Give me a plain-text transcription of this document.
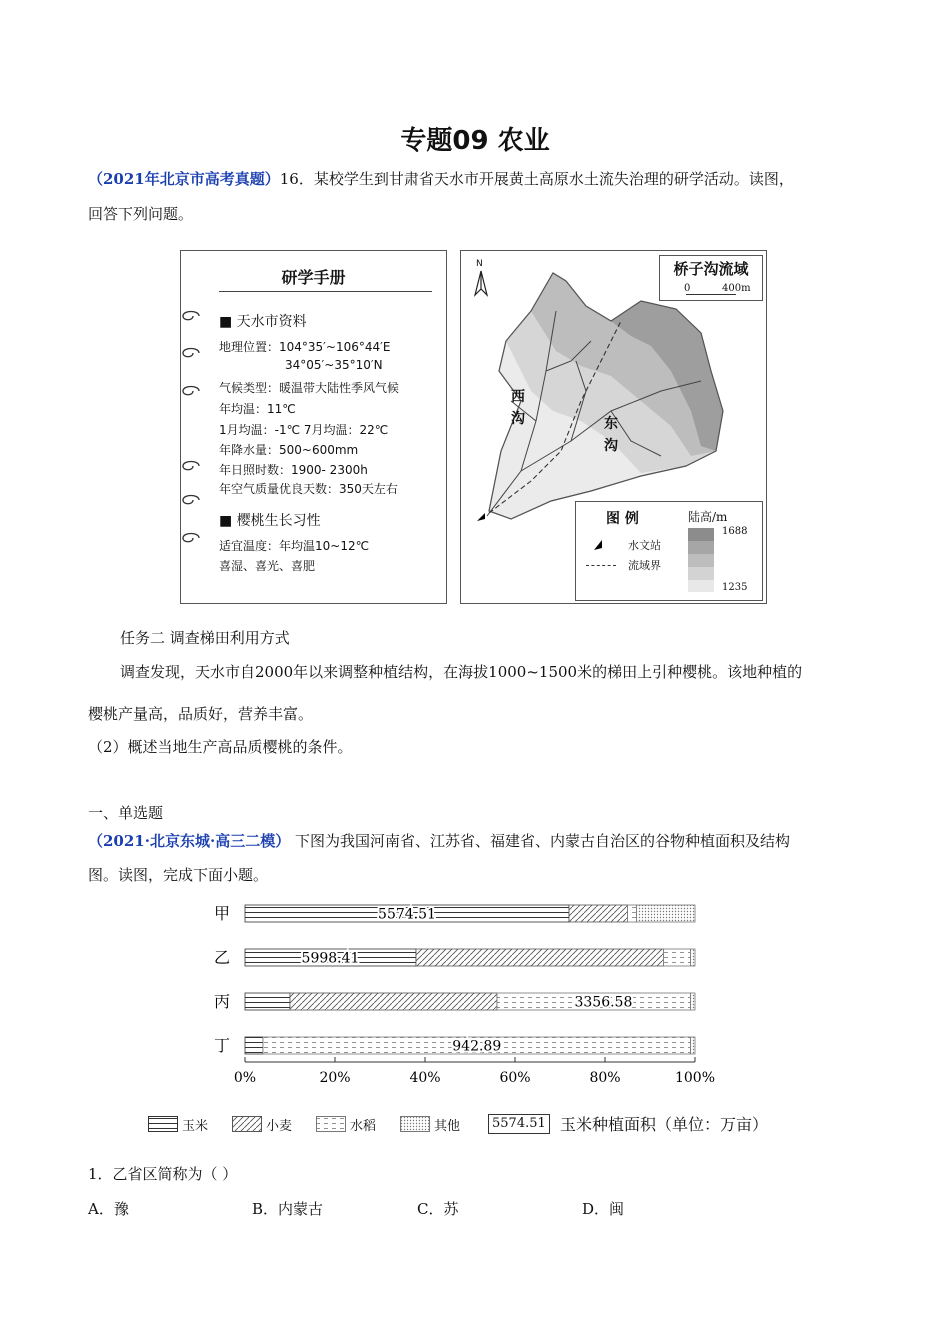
专题09 农业
（2021年北京市高考真题）16．某校学生到甘肃省天水市开展黄土高原水土流失治理的研学活动。读图，
回答下列问题。
研学手册
■ 天水市资料
地理位置：104°35′~106°44′E
34°05′~35°10′N
气候类型：暖温带大陆性季风气候
年均温：11℃
1月均温：-1℃ 7月均温：22℃
年降水量：500~600mm
年日照时数：1900- 2300h
年空气质量优良天数：350天左右
■ 樱桃生长习性
适宜温度：年均温10~12℃
喜湿、喜光、喜肥
N	桥子沟流域
0	400m
西
沟	东
沟
图 例	陆高/m
水文站
流域界
1688
1235
任务二 调查梯田利用方式
调查发现，天水市自2000年以来调整种植结构，在海拔1000~1500米的梯田上引种樱桃。该地种植的
樱桃产量高，品质好，营养丰富。
（2）概述当地生产高品质樱桃的条件。
一、单选题
（2021·北京东城·高三二模） 下图为我国河南省、江苏省、福建省、内蒙古自治区的谷物种植面积及结构
图。读图，完成下面小题。
甲	5574.51
乙	5998.41
丙	3356.58
丁	942.89
0%	20%	40%	60%	80%	100%
玉米	小麦	水稻	其他	5574.51 玉米种植面积（单位：万亩）
1．乙省区简称为（ ）
A．豫	B．内蒙古	C．苏	D．闽
